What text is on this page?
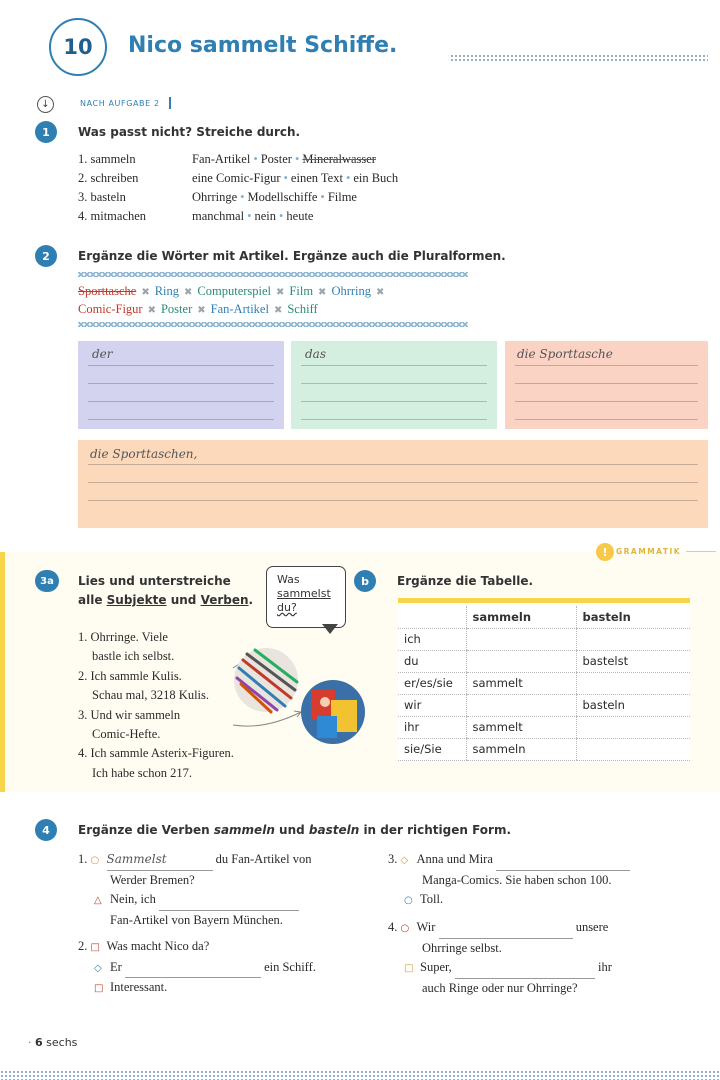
10	Nico sammelt Schiffe.
↓	NACH AUFGABE 2
1	Was passt nicht? Streiche durch.
1. sammeln	Fan-Artikel • Poster • Mineralwasser
2. schreiben	eine Comic-Figur • einen Text • ein Buch
3. basteln	Ohrringe • Modellschiffe • Filme
4. mitmachen	manchmal • nein • heute
2	Ergänze die Wörter mit Artikel. Ergänze auch die Pluralformen.
Sporttasche ✖ Ring ✖ Computerspiel ✖ Film ✖ Ohrring ✖
Comic-Figur ✖ Poster ✖ Fan-Artikel ✖ Schiff
der	das	die Sporttasche
die Sporttaschen,
!	GRAMMATIK
3a	Lies und unterstreiche
alle Subjekte und Verben.
Was
sammelst
du?
1. Ohrringe. Viele
bastle ich selbst.
2. Ich sammle Kulis.
Schau mal, 3218 Kulis.
3. Und wir sammeln
Comic-Hefte.
4. Ich sammle Asterix-Figuren.
Ich habe schon 217.
b	Ergänze die Tabelle.
	sammeln	basteln
ich		
du		bastelst
er/es/sie	sammelt	
wir		basteln
ihr	sammelt	
sie/Sie	sammeln	
4	Ergänze die Verben sammeln und basteln in der richtigen Form.
1. ○ Sammelst	du Fan-Artikel von
Werder Bremen?
△ Nein, ich
Fan-Artikel von Bayern München.
2. □ Was macht Nico da?
◇ Er	ein Schiff.
□ Interessant.
3. ◇ Anna und Mira
Manga-Comics. Sie haben schon 100.
○ Toll.
4. ○ Wir	unsere
Ohrringe selbst.
□ Super,	ihr
auch Ringe oder nur Ohrringe?
· 6 sechs
